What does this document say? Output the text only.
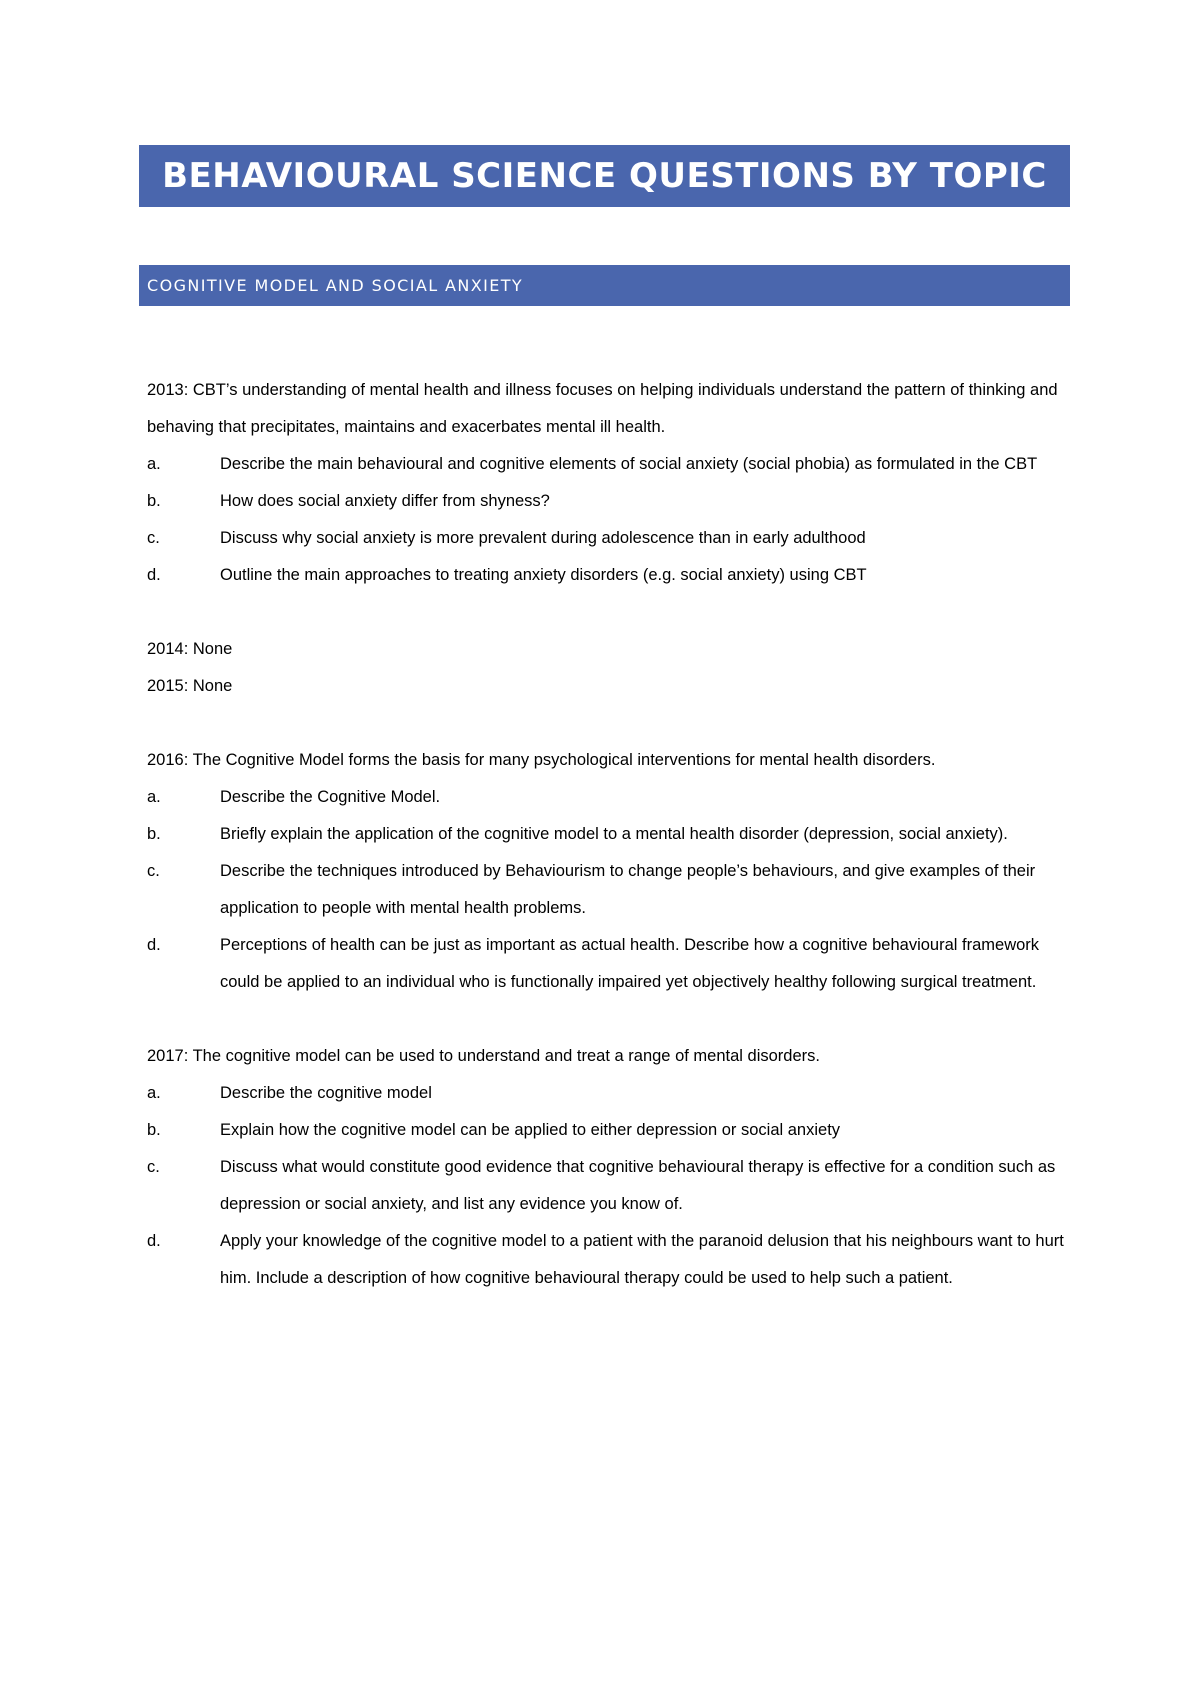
BEHAVIOURAL SCIENCE QUESTIONS BY TOPIC
COGNITIVE MODEL AND SOCIAL ANXIETY

2013: CBT’s understanding of mental health and illness focuses on helping individuals understand the pattern of thinking and behaving that precipitates, maintains and exacerbates mental ill health.

a.	Describe the main behavioural and cognitive elements of social anxiety (social phobia) as formulated in the CBT
b.	How does social anxiety differ from shyness?
c.	Discuss why social anxiety is more prevalent during adolescence than in early adulthood
d.	Outline the main approaches to treating anxiety disorders (e.g. social anxiety) using CBT

2014: None

2015: None

2016: The Cognitive Model forms the basis for many psychological interventions for mental health disorders.

a.	Describe the Cognitive Model.
b.	Briefly explain the application of the cognitive model to a mental health disorder (depression, social anxiety).
c.	Describe the techniques introduced by Behaviourism to change people’s behaviours, and give examples of their application to people with mental health problems.
d.	Perceptions of health can be just as important as actual health. Describe how a cognitive behavioural framework could be applied to an individual who is functionally impaired yet objectively healthy following surgical treatment.

2017: The cognitive model can be used to understand and treat a range of mental disorders.

a.	Describe the cognitive model
b.	Explain how the cognitive model can be applied to either depression or social anxiety
c.	Discuss what would constitute good evidence that cognitive behavioural therapy is effective for a condition such as depression or social anxiety, and list any evidence you know of.
d.	Apply your knowledge of the cognitive model to a patient with the paranoid delusion that his neighbours want to hurt him. Include a description of how cognitive behavioural therapy could be used to help such a patient.
